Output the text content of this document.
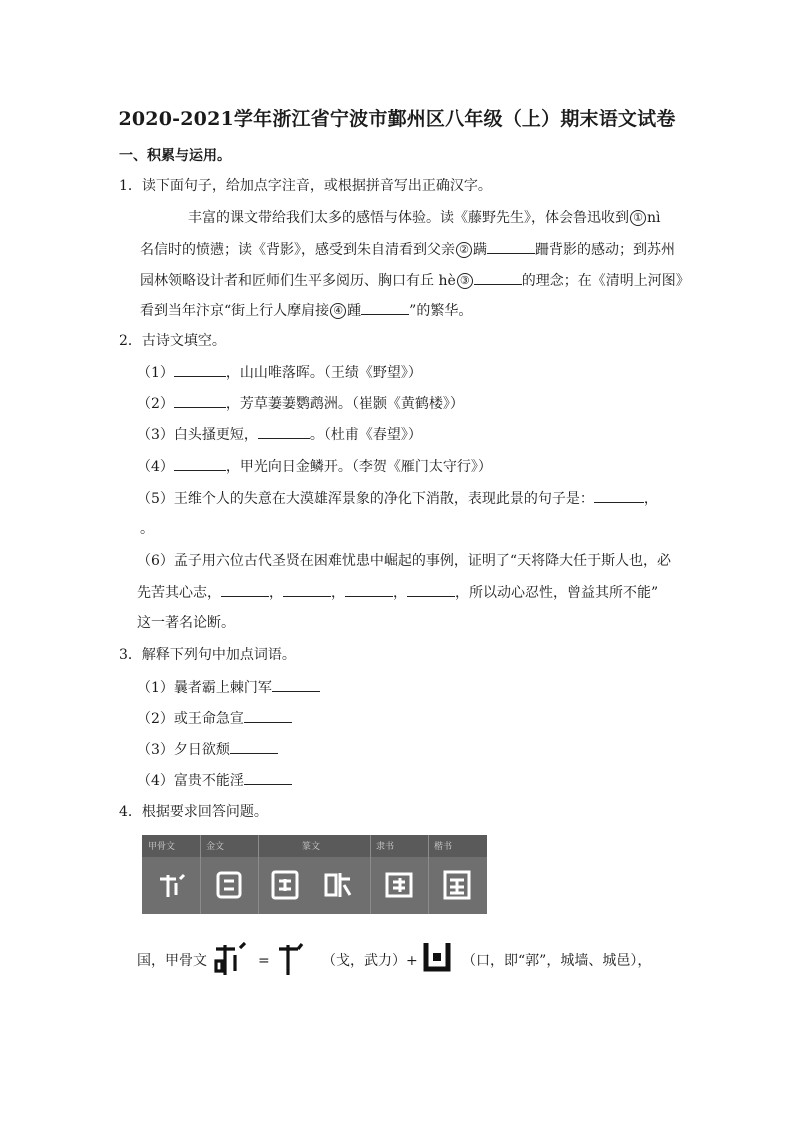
2020-2021学年浙江省宁波市鄞州区八年级（上）期末语文试卷
一、积累与运用。
1．读下面句子，给加点字注音，或根据拼音写出正确汉字。
丰富的课文带给我们太多的感悟与体验。读《藤野先生》，体会鲁迅收到 ① nì
名信时的愤懑；读《背影》，感受到朱自清看到父亲 ② 蹒	跚背影的感动；到苏州
园林领略设计者和匠师们生平多阅历、胸口有丘 hè ③	的理念；在《清明上河图》
看到当年汴京“街上行人摩肩接 ④ 踵	”的繁华。
2．古诗文填空。
（1）	，山山唯落晖。（王绩《野望》）
（2）	，芳草萋萋鹦鹉洲。（崔颢《黄鹤楼》）
（3）白头搔更短，	。（杜甫《春望》）
（4）	，甲光向日金鳞开。（李贺《雁门太守行》）
（5）王维个人的失意在大漠雄浑景象的净化下消散，表现此景的句子是：	，
。
（6）孟子用六位古代圣贤在困难忧患中崛起的事例，证明了“天将降大任于斯人也，必
先苦其心志，	，	，	，	，所以动心忍性，曾益其所不能”
这一著名论断。
3．解释下列句中加点词语。
（1）曩者霸上棘门军
（2）或王命急宣
（3）夕日欲颓
（4）富贵不能淫
4．根据要求回答问题。
甲骨文	金文	篆文	隶书	楷书
国，甲骨文	=	（戈，武力）+	（口，即“郭”，城墙、城邑），
